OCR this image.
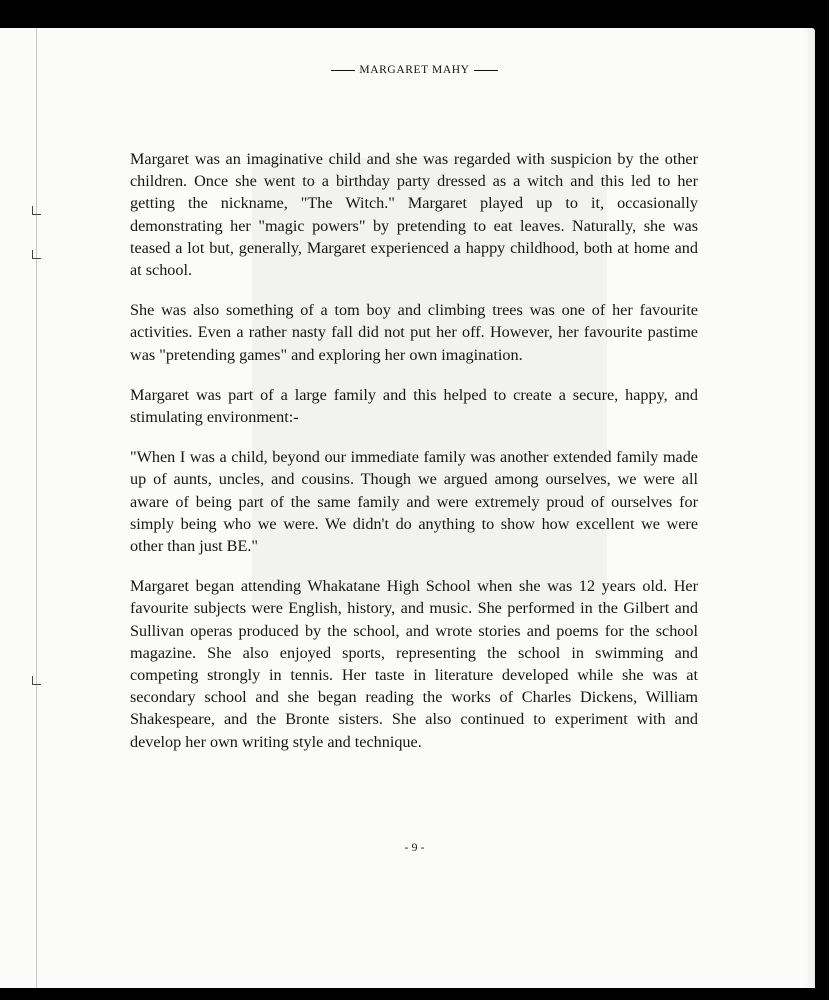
MARGARET MAHY

Margaret was an imaginative child and she was regarded with suspicion by the other children. Once she went to a birthday party dressed as a witch and this led to her getting the nickname, "The Witch." Margaret played up to it, occasionally demonstrating her "magic powers" by pretending to eat leaves. Naturally, she was teased a lot but, generally, Margaret experienced a happy childhood, both at home and at school.

She was also something of a tom boy and climbing trees was one of her favourite activities. Even a rather nasty fall did not put her off. However, her favourite pastime was "pretending games" and exploring her own imagination.

Margaret was part of a large family and this helped to create a secure, happy, and stimulating environment:-

"When I was a child, beyond our immediate family was another extended family made up of aunts, uncles, and cousins. Though we argued among ourselves, we were all aware of being part of the same family and were extremely proud of ourselves for simply being who we were. We didn't do anything to show how excellent we were other than just BE."

Margaret began attending Whakatane High School when she was 12 years old. Her favourite subjects were English, history, and music. She performed in the Gilbert and Sullivan operas produced by the school, and wrote stories and poems for the school magazine. She also enjoyed sports, representing the school in swimming and competing strongly in tennis. Her taste in literature developed while she was at secondary school and she began reading the works of Charles Dickens, William Shakespeare, and the Bronte sisters. She also continued to experiment with and develop her own writing style and technique.

- 9 -
